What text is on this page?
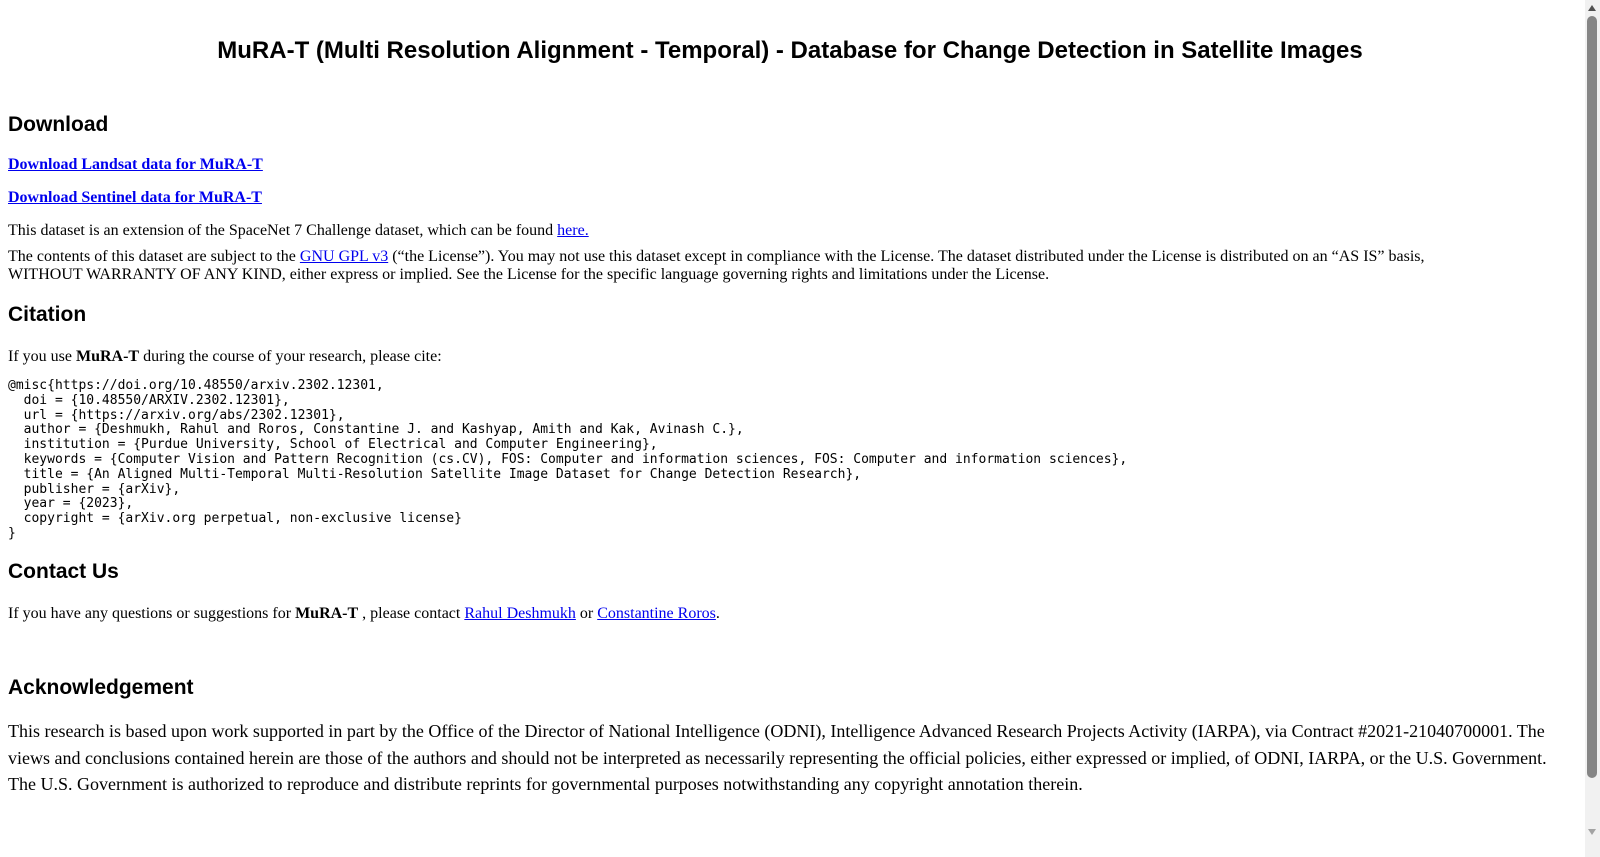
MuRA-T (Multi Resolution Alignment - Temporal) - Database for Change Detection in Satellite Images
Download

Download Landsat data for MuRA-T

Download Sentinel data for MuRA-T

This dataset is an extension of the SpaceNet 7 Challenge dataset, which can be found here.

The contents of this dataset are subject to the GNU GPL v3 (“the License”). You may not use this dataset except in compliance with the License. The dataset distributed under the License is distributed on an “AS IS” basis, WITHOUT WARRANTY OF ANY KIND, either express or implied. See the License for the specific language governing rights and limitations under the License.

Citation

If you use MuRA-T during the course of your research, please cite:

@misc{https://doi.org/10.48550/arxiv.2302.12301,
doi = {10.48550/ARXIV.2302.12301},
url = {https://arxiv.org/abs/2302.12301},
author = {Deshmukh, Rahul and Roros, Constantine J. and Kashyap, Amith and Kak, Avinash C.},
institution = {Purdue University, School of Electrical and Computer Engineering},
keywords = {Computer Vision and Pattern Recognition (cs.CV), FOS: Computer and information sciences, FOS: Computer and information sciences},
title = {An Aligned Multi-Temporal Multi-Resolution Satellite Image Dataset for Change Detection Research},
publisher = {arXiv},
year = {2023},
copyright = {arXiv.org perpetual, non-exclusive license}
}
Contact Us

If you have any questions or suggestions for MuRA-T , please contact Rahul Deshmukh or Constantine Roros.

Acknowledgement

This research is based upon work supported in part by the Office of the Director of National Intelligence (ODNI), Intelligence Advanced Research Projects Activity (IARPA), via Contract #2021-21040700001. The views and conclusions contained herein are those of the authors and should not be interpreted as necessarily representing the official policies, either expressed or implied, of ODNI, IARPA, or the U.S. Government. The U.S. Government is authorized to reproduce and distribute reprints for governmental purposes notwithstanding any copyright annotation therein.
